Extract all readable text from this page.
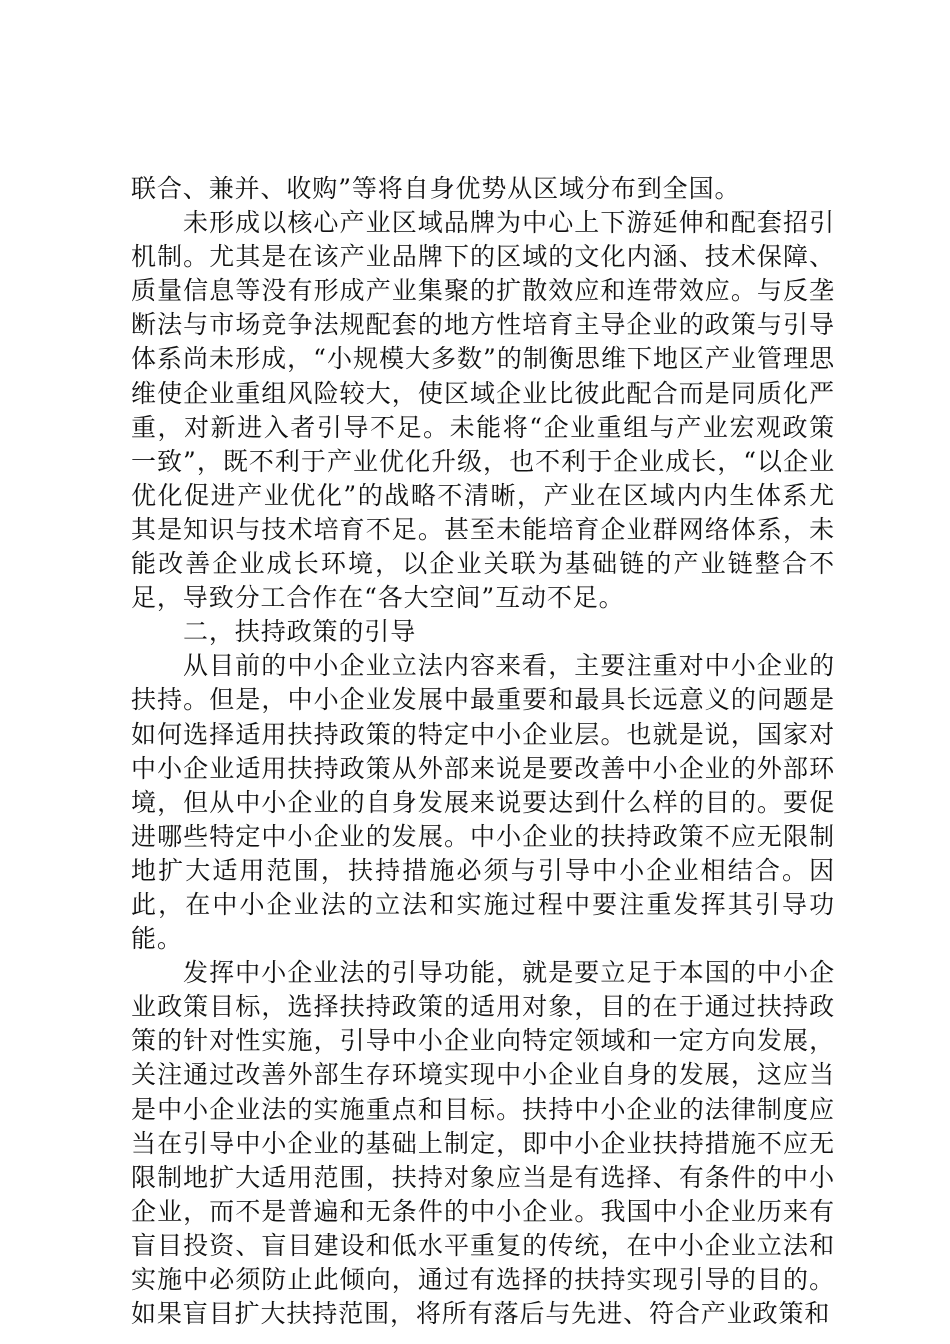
联合、兼并、收购”等将自身优势从区域分布到全国。

未形成以核心产业区域品牌为中心上下游延伸和配套招引机制。尤其是在该产业品牌下的区域的文化内涵、技术保障、质量信息等没有形成产业集聚的扩散效应和连带效应。与反垄断法与市场竞争法规配套的地方性培育主导企业的政策与引导体系尚未形成，“小规模大多数”的制衡思维下地区产业管理思维使企业重组风险较大，使区域企业比彼此配合而是同质化严重，对新进入者引导不足。未能将“企业重组与产业宏观政策一致”，既不利于产业优化升级，也不利于企业成长，“以企业优化促进产业优化”的战略不清晰，产业在区域内内生体系尤其是知识与技术培育不足。甚至未能培育企业群网络体系，未能改善企业成长环境，以企业关联为基础链的产业链整合不足，导致分工合作在“各大空间”互动不足。

二，扶持政策的引导

从目前的中小企业立法内容来看，主要注重对中小企业的扶持。但是，中小企业发展中最重要和最具长远意义的问题是如何选择适用扶持政策的特定中小企业层。也就是说，国家对中小企业适用扶持政策从外部来说是要改善中小企业的外部环境，但从中小企业的自身发展来说要达到什么样的目的。要促进哪些特定中小企业的发展。中小企业的扶持政策不应无限制地扩大适用范围，扶持措施必须与引导中小企业相结合。因此，在中小企业法的立法和实施过程中要注重发挥其引导功能。

发挥中小企业法的引导功能，就是要立足于本国的中小企业政策目标，选择扶持政策的适用对象，目的在于通过扶持政策的针对性实施，引导中小企业向特定领域和一定方向发展，关注通过改善外部生存环境实现中小企业自身的发展，这应当是中小企业法的实施重点和目标。扶持中小企业的法律制度应当在引导中小企业的基础上制定，即中小企业扶持措施不应无限制地扩大适用范围，扶持对象应当是有选择、有条件的中小企业，而不是普遍和无条件的中小企业。我国中小企业历来有盲目投资、盲目建设和低水平重复的传统，在中小企业立法和实施中必须防止此倾向，通过有选择的扶持实现引导的目的。如果盲目扩大扶持范围，将所有落后与先进、符合产业政策和
